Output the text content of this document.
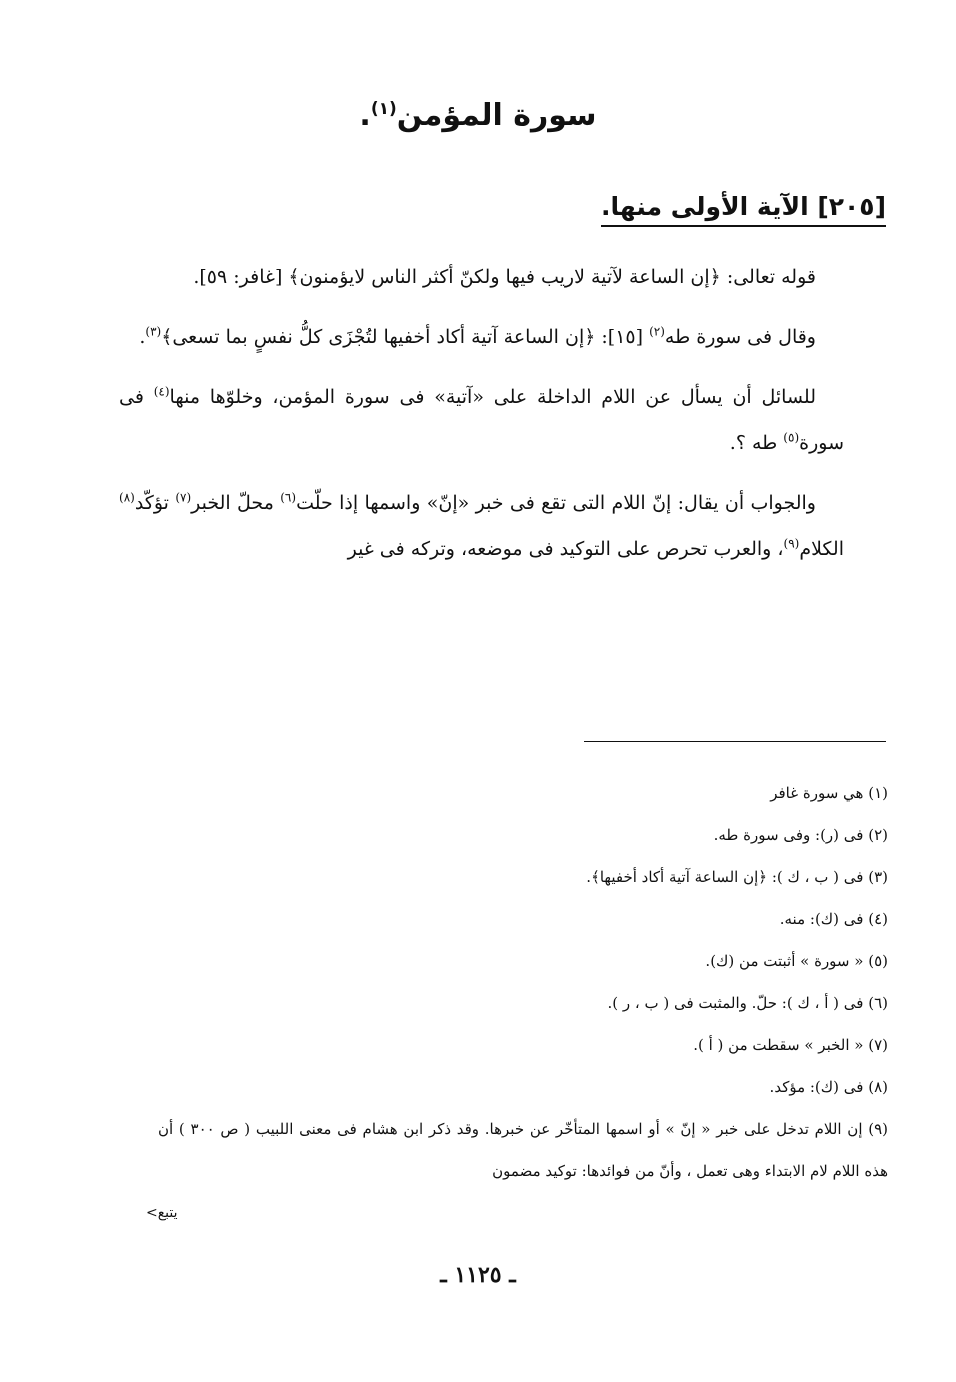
سورة المؤمن$^{(١)}$.
[٢٠٥] الآية الأولى منها.

قوله تعالى: ﴿إن الساعة لآتية لاريب فيها ولكنّ أكثر الناس لايؤمنون﴾ [غافر: ٥٩].

وقال فى سورة طه$^{(٢)}$ [١٥]: ﴿إن الساعة آتية أكاد أخفيها لتُجْزَى كلُّ نفسٍ بما تسعى﴾$^{(٣)}$.

للسائل أن يسأل عن اللام الداخلة على «آتية» فى سورة المؤمن، وخلوّها منها$^{(٤)}$ فى سورة$^{(٥)}$ طه ؟.

والجواب أن يقال: إنّ اللام التى تقع فى خبر «إنّ» واسمها إذا حلّت$^{(٦)}$ محلّ الخبر$^{(٧)}$ تؤكّد$^{(٨)}$ الكلام$^{(٩)}$، والعرب تحرص على التوكيد فى موضعه، وتركه فى غير

(١) هي سورة غافر

(٢) فى (ر): وفى سورة طه.

(٣) فى ( ب ، ك ): ﴿إن الساعة آتية أكاد أخفيها﴾.

(٤) فى (ك): منه.

(٥) « سورة » أثبتت من (ك).

(٦) فى ( أ ، ك ): حلّ. والمثبت فى ( ب ، ر ).

(٧) « الخبر » سقطت من ( أ ).

(٨) فى (ك): مؤكد.

(٩) إن اللام تدخل على خبر « إنّ » أو اسمها المتأخّر عن خبرها. وقد ذكر ابن هشام فى معنى اللبيب ( ص ٣٠٠ ) أن هذه اللام لام الابتداء وهى تعمل ، وأنّ من فوائدها: توكيد مضمون

يتبع>
ـ ١١٢٥ ـ
